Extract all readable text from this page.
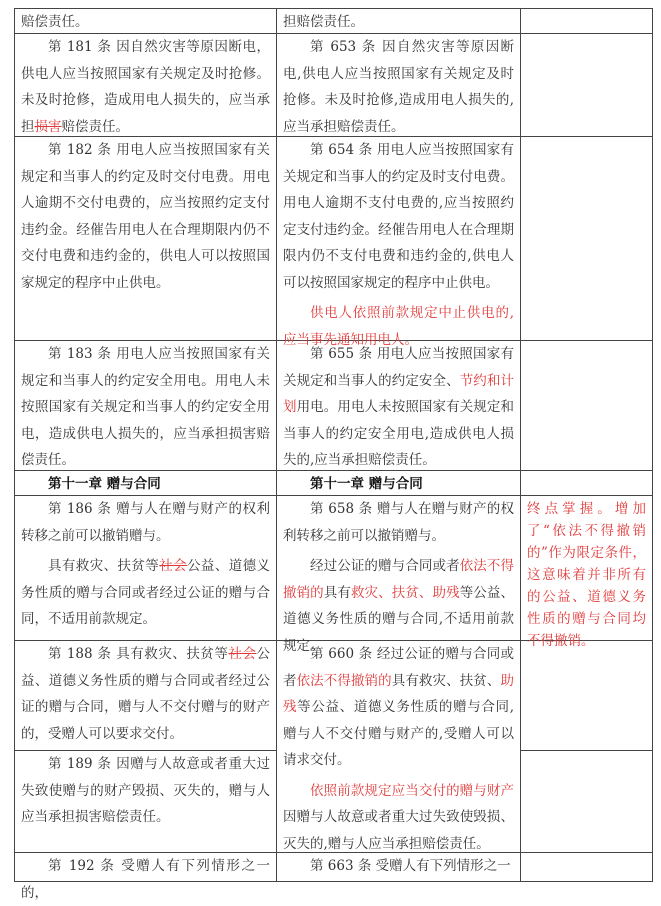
赔偿责任。	担赔偿责任。

第 181 条 因自然灾害等原因断电，供电人应当按照国家有关规定及时抢修。未及时抢修，造成用电人损失的，应当承担损害赔偿责任。

第 653 条 因自然灾害等原因断电,供电人应当按照国家有关规定及时抢修。未及时抢修,造成用电人损失的,应当承担赔偿责任。

第 182 条 用电人应当按照国家有关规定和当事人的约定及时交付电费。用电人逾期不交付电费的，应当按照约定支付违约金。经催告用电人在合理期限内仍不交付电费和违约金的，供电人可以按照国家规定的程序中止供电。

第 654 条 用电人应当按照国家有关规定和当事人的约定及时支付电费。用电人逾期不支付电费的,应当按照约定支付违约金。经催告用电人在合理期限内仍不支付电费和违约金的,供电人可以按照国家规定的程序中止供电。

供电人依照前款规定中止供电的,应当事先通知用电人。

第 183 条 用电人应当按照国家有关规定和当事人的约定安全用电。用电人未按照国家有关规定和当事人的约定安全用电，造成供电人损失的，应当承担损害赔偿责任。

第 655 条 用电人应当按照国家有关规定和当事人的约定安全、节约和计划用电。用电人未按照国家有关规定和当事人的约定安全用电,造成供电人损失的,应当承担赔偿责任。

第十一章 赠与合同	第十一章 赠与合同

第 186 条 赠与人在赠与财产的权利转移之前可以撤销赠与。

具有救灾、扶贫等社会公益、道德义务性质的赠与合同或者经过公证的赠与合同，不适用前款规定。

第 658 条 赠与人在赠与财产的权利转移之前可以撤销赠与。

经过公证的赠与合同或者依法不得撤销的具有救灾、扶贫、助残等公益、道德义务性质的赠与合同,不适用前款规定。

终点掌握。增加了“依法不得撤销的”作为限定条件，这意味着并非所有的公益、道德义务性质的赠与合同均不得撤销。

第 188 条 具有救灾、扶贫等社会公益、道德义务性质的赠与合同或者经过公证的赠与合同，赠与人不交付赠与的财产的，受赠人可以要求交付。

第 660 条 经过公证的赠与合同或者依法不得撤销的具有救灾、扶贫、助残等公益、道德义务性质的赠与合同,赠与人不交付赠与财产的,受赠人可以请求交付。

依照前款规定应当交付的赠与财产因赠与人故意或者重大过失致使毁损、灭失的,赠与人应当承担赔偿责任。

第 189 条 因赠与人故意或者重大过失致使赠与的财产毁损、灭失的，赠与人应当承担损害赔偿责任。

第 192 条 受赠人有下列情形之一的，

第 663 条 受赠人有下列情形之一
